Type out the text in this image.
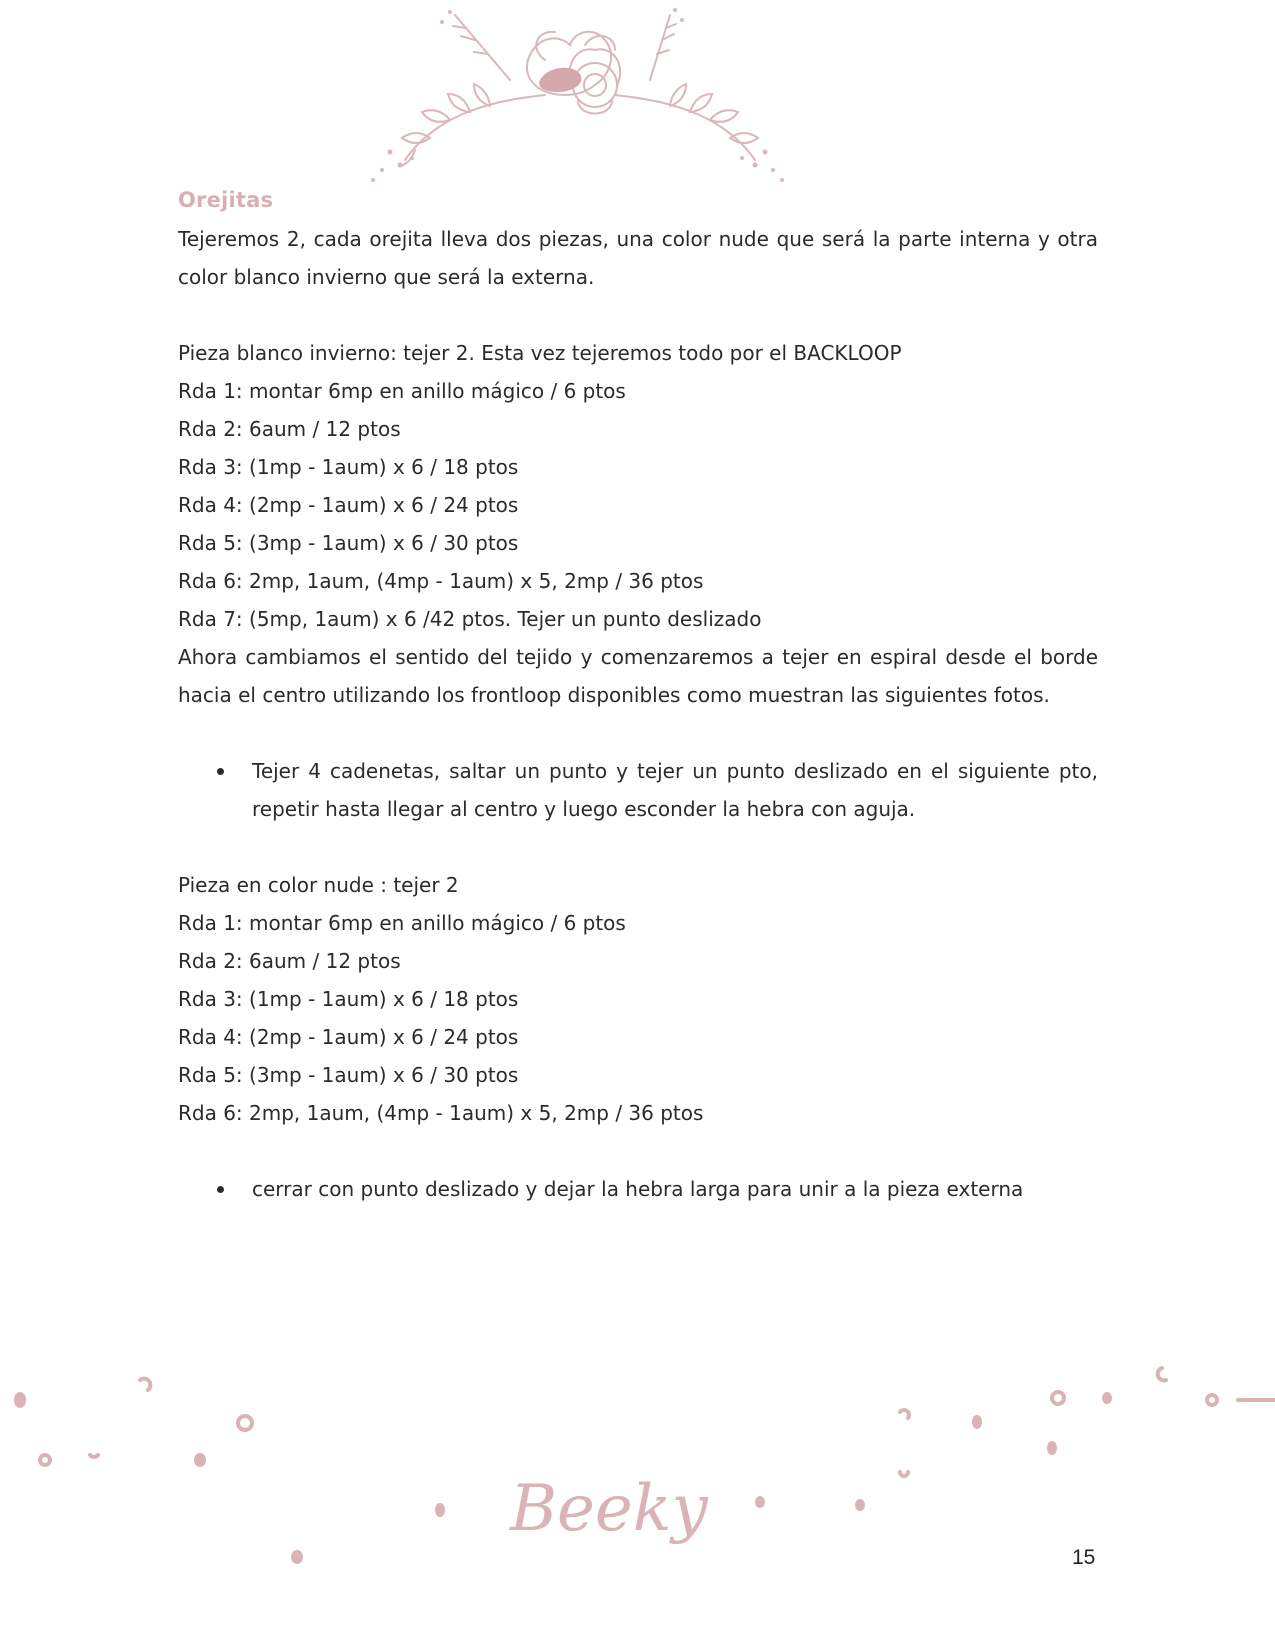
Orejitas

Tejeremos 2, cada orejita lleva dos piezas, una color nude que será la parte interna y otra color blanco invierno que será la externa.

Pieza blanco invierno: tejer 2. Esta vez tejeremos todo por el BACKLOOP

Rda 1: montar 6mp en anillo mágico / 6 ptos

Rda 2: 6aum / 12 ptos

Rda 3: (1mp - 1aum) x 6 / 18 ptos

Rda 4: (2mp - 1aum) x 6 / 24 ptos

Rda 5: (3mp - 1aum) x 6 / 30 ptos

Rda 6: 2mp, 1aum, (4mp - 1aum) x 5, 2mp / 36 ptos

Rda 7: (5mp, 1aum) x 6 /42 ptos. Tejer un punto deslizado

Ahora cambiamos el sentido del tejido y comenzaremos a tejer en espiral desde el borde hacia el centro utilizando los frontloop disponibles como muestran las siguientes fotos.

Tejer 4 cadenetas, saltar un punto y tejer un punto deslizado en el siguiente pto, repetir hasta llegar al centro y luego esconder la hebra con aguja.

Pieza en color nude : tejer 2

Rda 1: montar 6mp en anillo mágico / 6 ptos

Rda 2: 6aum / 12 ptos

Rda 3: (1mp - 1aum) x 6 / 18 ptos

Rda 4: (2mp - 1aum) x 6 / 24 ptos

Rda 5: (3mp - 1aum) x 6 / 30 ptos

Rda 6: 2mp, 1aum, (4mp - 1aum) x 5, 2mp / 36 ptos

cerrar con punto deslizado y dejar la hebra larga para unir a la pieza externa
Beeky
15
